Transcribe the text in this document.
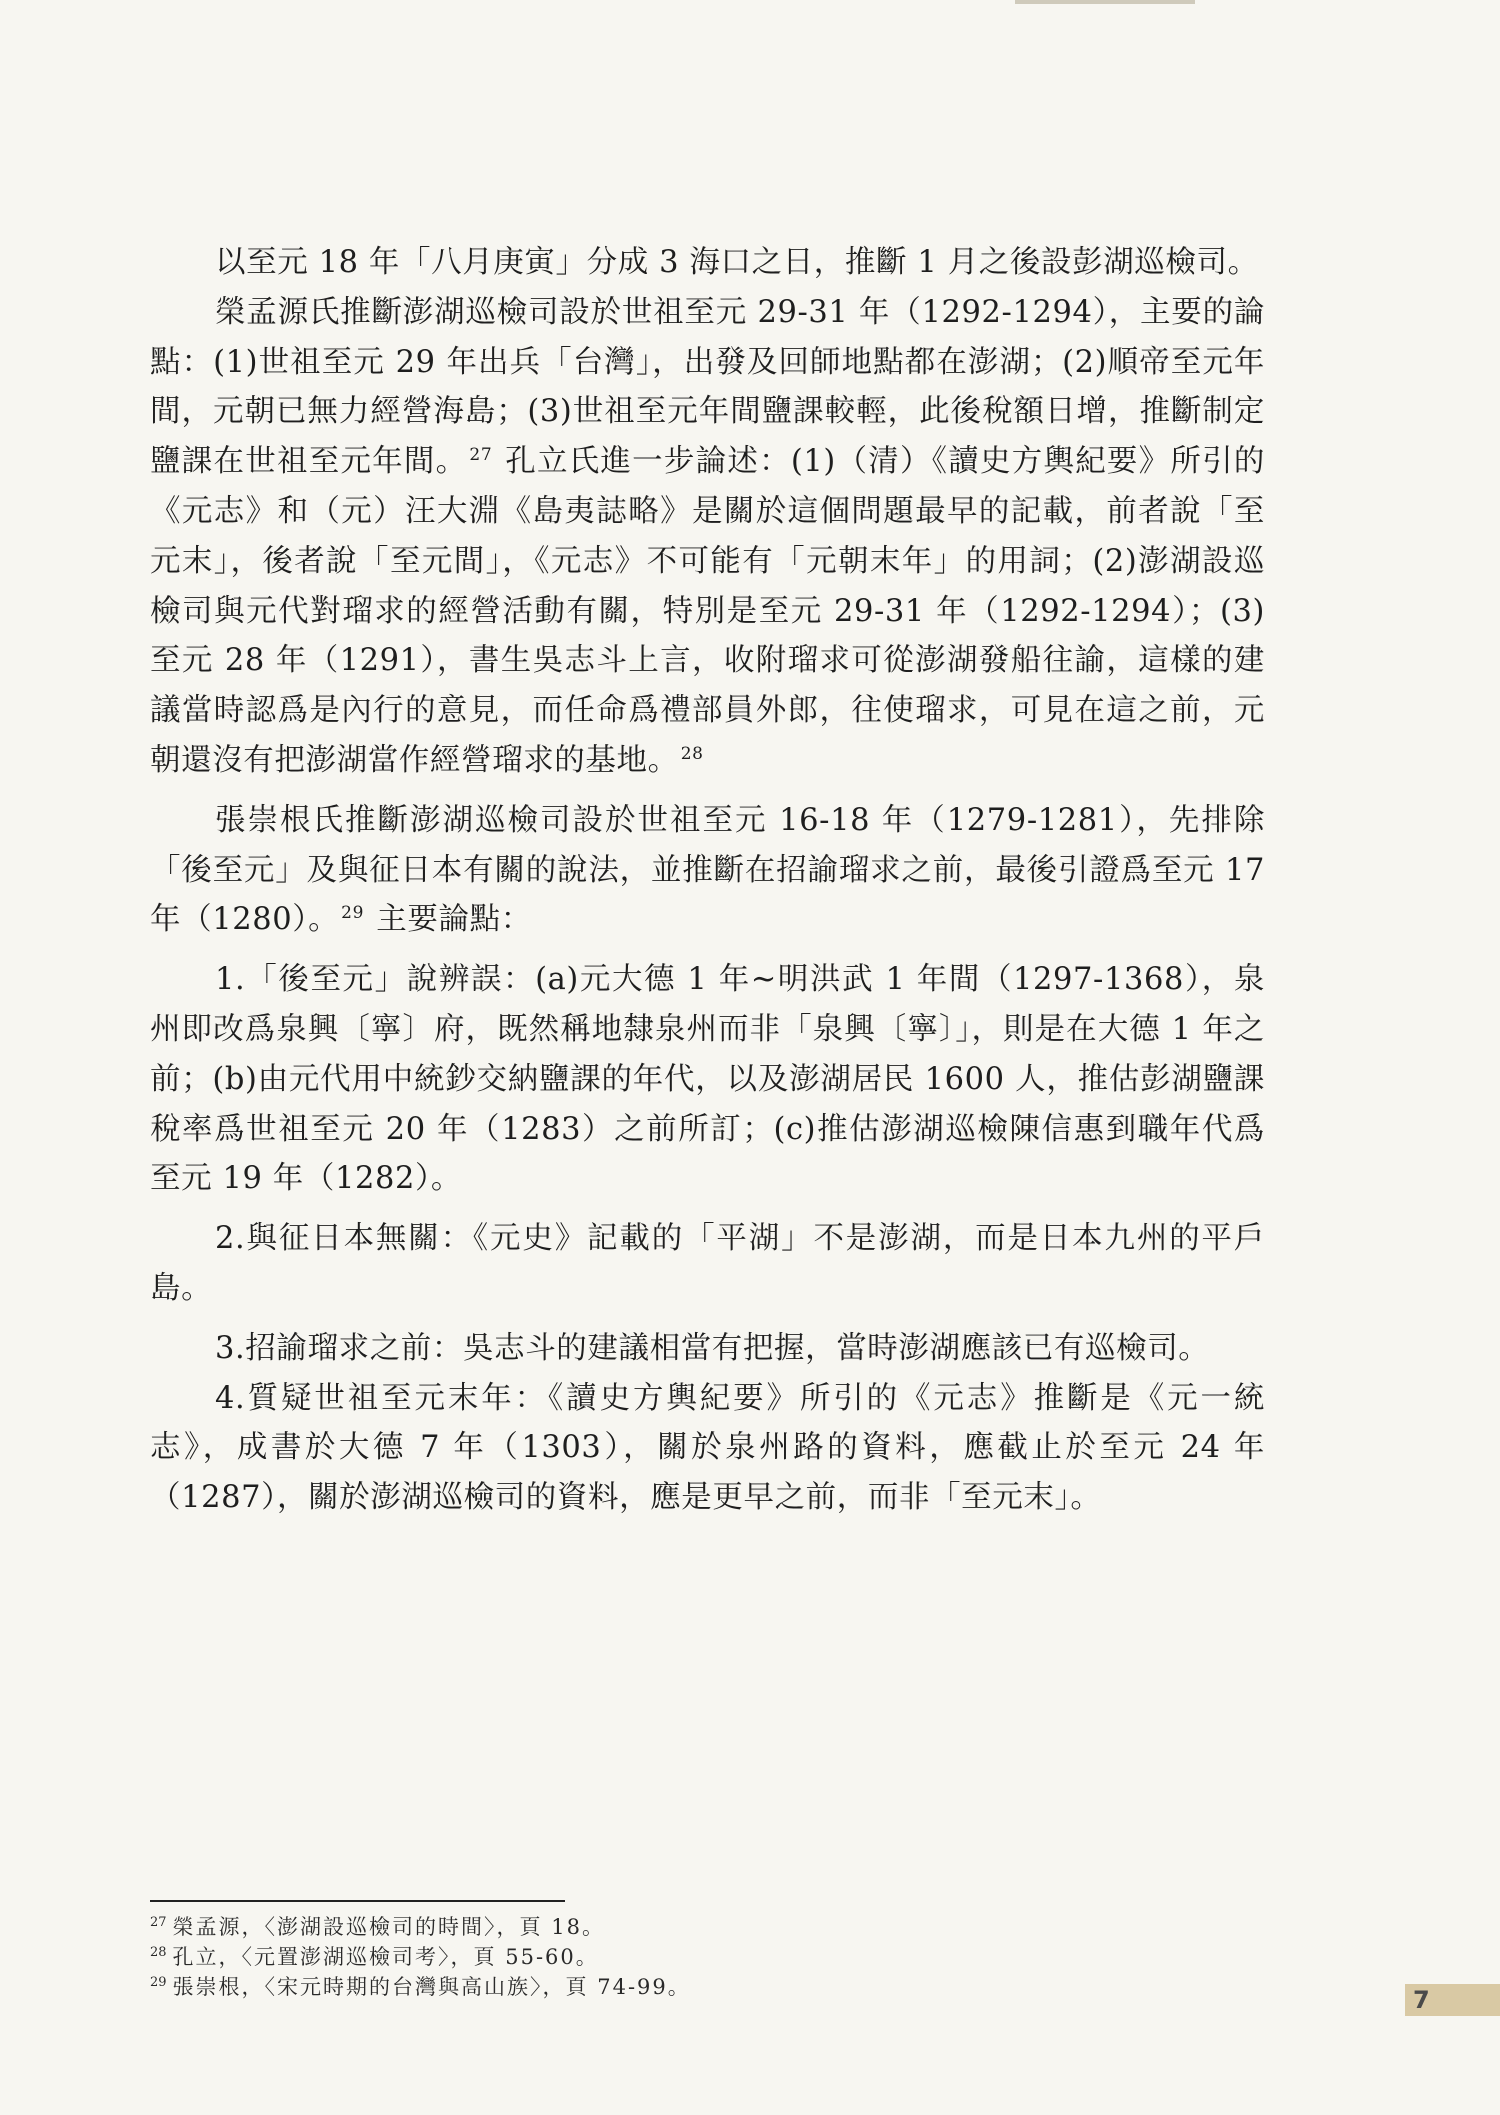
以至元 18 年「八月庚寅」分成 3 海口之日，推斷 1 月之後設彭湖巡檢司。

榮孟源氏推斷澎湖巡檢司設於世祖至元 29-31 年（1292-1294），主要的論點：(1)世祖至元 29 年出兵「台灣」，出發及回師地點都在澎湖；(2)順帝至元年間，元朝已無力經營海島；(3)世祖至元年間鹽課較輕，此後稅額日增，推斷制定鹽課在世祖至元年間。 $^{27}$ 孔立氏進一步論述：(1)（清）《讀史方輿紀要》所引的《元志》和（元）汪大淵《島夷誌略》是關於這個問題最早的記載，前者說「至元末」，後者說「至元間」，《元志》不可能有「元朝末年」的用詞；(2)澎湖設巡檢司與元代對瑠求的經營活動有關，特別是至元 29-31 年（1292-1294）；(3)至元 28 年（1291），書生吳志斗上言，收附瑠求可從澎湖發船往諭，這樣的建議當時認爲是內行的意見，而任命爲禮部員外郎，往使瑠求，可見在這之前，元朝還沒有把澎湖當作經營瑠求的基地。 $^{28}$

張崇根氏推斷澎湖巡檢司設於世祖至元 16-18 年（1279-1281），先排除「後至元」及與征日本有關的說法，並推斷在招諭瑠求之前，最後引證爲至元 17 年（1280）。 $^{29}$ 主要論點：

1.「後至元」說辨誤：(a)元大德 1 年~明洪武 1 年間（1297-1368），泉州即改爲泉興〔寧〕府，既然稱地隸泉州而非「泉興〔寧〕」，則是在大德 1 年之前；(b)由元代用中統鈔交納鹽課的年代，以及澎湖居民 1600 人，推估彭湖鹽課稅率爲世祖至元 20 年（1283）之前所訂；(c)推估澎湖巡檢陳信惠到職年代爲至元 19 年（1282）。

2.與征日本無關：《元史》記載的「平湖」不是澎湖，而是日本九州的平戶島。

3.招諭瑠求之前：吳志斗的建議相當有把握，當時澎湖應該已有巡檢司。

4.質疑世祖至元末年：《讀史方輿紀要》所引的《元志》推斷是《元一統志》，成書於大德 7 年（1303），關於泉州路的資料，應截止於至元 24 年（1287），關於澎湖巡檢司的資料，應是更早之前，而非「至元末」。

$^{27}$ 榮孟源，〈澎湖設巡檢司的時間〉，頁 18。
$^{28}$ 孔立，〈元置澎湖巡檢司考〉，頁 55-60。
$^{29}$ 張崇根，〈宋元時期的台灣與高山族〉，頁 74-99。	7
